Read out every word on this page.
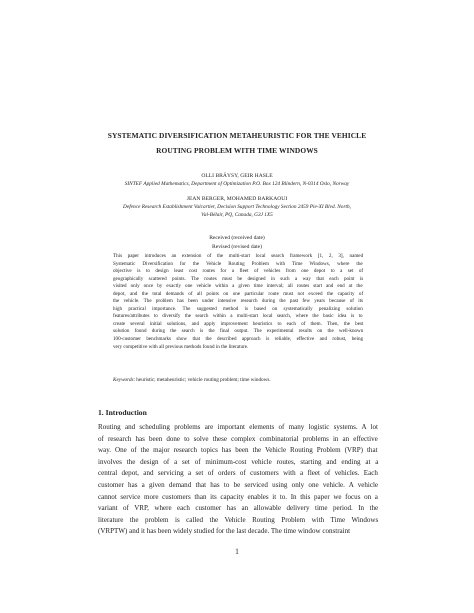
SYSTEMATIC DIVERSIFICATION METAHEURISTIC FOR THE VEHICLE
ROUTING PROBLEM WITH TIME WINDOWS
OLLI BRÄYSY, GEIR HASLE
SINTEF Applied Mathematics, Department of Optimization P.O. Box 124 Blindern, N-0314 Oslo, Norway
JEAN BERGER, MOHAMED BARKAOUI
Defence Research Establishment Valcartier, Decision Support Technology Section 2459 Pie-XI Blvd. North,
Val-Bélair, PQ, Canada, G3J 1X5
Received (received date)
Revised (revised date)
This paper introduces an extension of the multi-start local search framework [1, 2, 3], named
Systematic Diversification for the Vehicle Routing Problem with Time Windows, where the
objective is to design least cost routes for a fleet of vehicles from one depot to a set of
geographically scattered points. The routes must be designed in such a way that each point is
visited only once by exactly one vehicle within a given time interval; all routes start and end at the
depot, and the total demands of all points on one particular route must not exceed the capacity of
the vehicle. The problem has been under intensive research during the past few years because of its
high practical importance. The suggested method is based on systematically penalizing solution
features/attributes to diversify the search within a multi-start local search, where the basic idea is to
create several initial solutions, and apply improvement heuristics to each of them. Then, the best
solution found during the search is the final output. The experimental results on the well-known
100-customer benchmarks show that the described approach is reliable, effective and robust, being
very competitive with all previous methods found in the literature.
Keywords: heuristic; metaheuristic; vehicle routing problem; time windows.
1. Introduction
Routing and scheduling problems are important elements of many logistic systems. A lot
of research has been done to solve these complex combinatorial problems in an effective
way. One of the major research topics has been the Vehicle Routing Problem (VRP) that
involves the design of a set of minimum-cost vehicle routes, starting and ending at a
central depot, and servicing a set of orders of customers with a fleet of vehicles. Each
customer has a given demand that has to be serviced using only one vehicle. A vehicle
cannot service more customers than its capacity enables it to. In this paper we focus on a
variant of VRP, where each customer has an allowable delivery time period. In the
literature the problem is called the Vehicle Routing Problem with Time Windows
(VRPTW) and it has been widely studied for the last decade. The time window constraint
1
